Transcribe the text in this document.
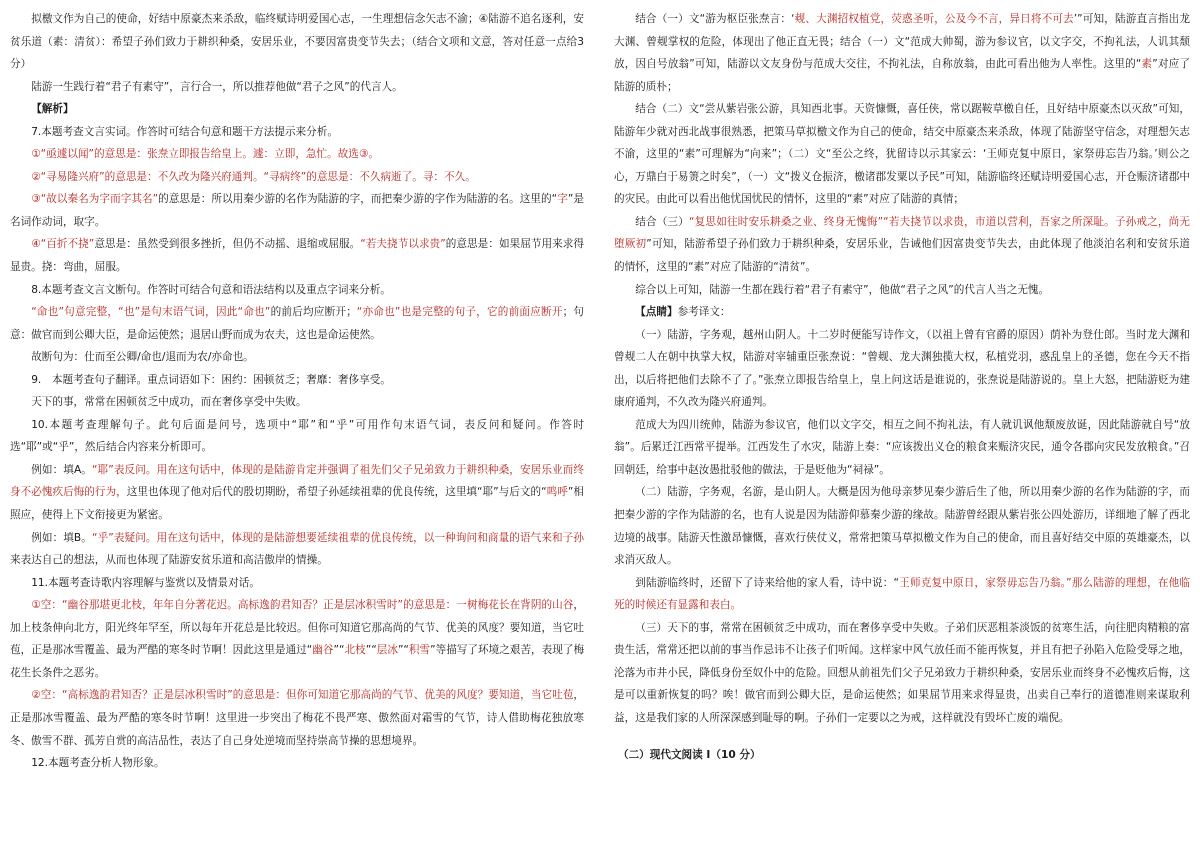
拟檄文作为自己的使命，好结中原豪杰来杀敌，临终赋诗明爱国心志，一生理想信念矢志不渝；④陆游不追名逐利，安贫乐道（素：清贫）：希望子孙们致力于耕织种桑，安居乐业，不要因富贵变节失去；（结合文项和文意，答对任意一点给3分）

陆游一生践行着“君子有素守”，言行合一，所以推荐他做“君子之风”的代言人。

【解析】

7.本题考查文言实词。作答时可结合句意和题干方法提示来分析。

①“亟遽以闻”的意思是：张焘立即报告给皇上。遽：立即，急忙。故选③。

②“寻易隆兴府”的意思是：不久改为隆兴府通判。“寻病终”的意思是：不久病逝了。寻：不久。

③“故以秦名为字而字其名”的意思是：所以用秦少游的名作为陆游的字，而把秦少游的字作为陆游的名。这里的“字”是名词作动词，取字。

④“百折不挠”意思是：虽然受到很多挫折，但仍不动摇、退缩或屈服。“若夫挠节以求贵”的意思是：如果屈节用来求得显贵。挠：弯曲，屈服。

8.本题考查文言文断句。作答时可结合句意和语法结构以及重点字词来分析。

“命也”句意完整，“也”是句末语气词，因此“命也”的前后均应断开；“亦命也”也是完整的句子，它的前面应断开；句意：做官而到公卿大臣，是命运使然；退居山野而成为农夫，这也是命运使然。

故断句为：仕而至公卿/命也/退而为农/亦命也。

9.　本题考查句子翻译。重点词语如下：困约：困顿贫乏；奢靡：奢侈享受。

天下的事，常常在困顿贫乏中成功，而在奢侈享受中失败。

10.本题考查理解句子。此句后面是问号，选项中“耶”和“乎”可用作句末语气词，表反问和疑问。作答时选“耶”或“乎”，然后结合内容来分析即可。

例如：填A。“耶”表反问。用在这句话中，体现的是陆游肯定并强调了祖先们父子兄弟致力于耕织种桑，安居乐业而终身不必愧疚后悔的行为，这里也体现了他对后代的殷切期盼，希望子孙延续祖辈的优良传统，这里填“耶”与后文的“鸣呼”相照应，使得上下文衔接更为紧密。

例如：填B。“乎”表疑问。用在这句话中，体现的是陆游想要延续祖辈的优良传统，以一种询问和商量的语气来和子孙来表达自己的想法，从而也体现了陆游安贫乐道和高洁傲岸的情操。

11.本题考查诗歌内容理解与鉴赏以及情景对话。

①空：“幽谷那堪更北枝，年年自分著花迟。高标逸韵君知否？正是层冰积雪时”的意思是：一树梅花长在背阴的山谷，加上枝条伸向北方，阳光终年罕至，所以每年开花总是比较迟。但你可知道它那高尚的气节、优美的风度？要知道，当它吐苞，正是那冰雪覆盖、最为严酷的寒冬时节啊！因此这里是通过“幽谷”“北枝”“层冰”“积雪”等描写了环境之艰苦，表现了梅花生长条件之恶劣。

②空：“高标逸韵君知否？正是层冰积雪时”的意思是：但你可知道它那高尚的气节、优美的风度？要知道，当它吐苞，正是那冰雪覆盖、最为严酷的寒冬时节啊！这里进一步突出了梅花不畏严寒、傲然面对霜雪的气节，诗人借助梅花独放寒冬、傲雪不群、孤芳自赏的高洁品性，表达了自己身处逆境而坚持崇高节操的思想境界。

12.本题考查分析人物形象。

结合（一）文“游为枢臣张焘言：‘觌、大渊招权植党，荧惑圣听，公及今不言，异日将不可去’”可知，陆游直言指出龙大渊、曾觌掌权的危险，体现出了他正直无畏；结合（一）文“范成大帅蜀，游为参议官，以文字交，不拘礼法，人讥其颓放，因自号放翁”可知，陆游以文友身份与范成大交往，不拘礼法，自称放翁，由此可看出他为人率性。这里的“素”对应了陆游的质朴；

结合（二）文“尝从紫岩张公游，具知西北事。天资慷慨，喜任侠，常以踞鞍草檄自任，且好结中原豪杰以灭敌”可知，陆游年少就对西北战事很熟悉，把策马草拟檄文作为自己的使命，结交中原豪杰来杀敌，体现了陆游坚守信念，对理想矢志不渝，这里的“素”可理解为“向来”；（二）文“至公之终，犹留诗以示其家云：‘王师克复中原日，家祭毋忘告乃翁。’则公之心，万鼎白于易箦之时矣”，（一）文“拨义仓振济，檄诸郡发粟以予民”可知，陆游临终还赋诗明爱国心志，开仓赈济诸郡中的灾民。由此可以看出他忧国忧民的情怀，这里的“素”对应了陆游的真情；

结合（三）“复思如往时安乐耕桑之业、终身无愧悔”“若夫挠节以求贵，市道以营利，吾家之所深耻。子孙戒之，尚无堕厥初”可知，陆游希望子孙们致力于耕织种桑，安居乐业，告诫他们因富贵变节失去，由此体现了他淡泊名利和安贫乐道的情怀，这里的“素”对应了陆游的“清贫”。

综合以上可知，陆游一生都在践行着“君子有素守”，他做“君子之风”的代言人当之无愧。

【点睛】参考译文：

（一）陆游，字务观，越州山阴人。十二岁时便能写诗作文，（以祖上曾有官爵的原因）荫补为登仕郎。当时龙大渊和曾觌二人在朝中执掌大权，陆游对宰辅重臣张焘说：“曾觌、龙大渊独揽大权，私植党羽，惑乱皇上的圣德，您在今天不指出，以后将把他们去除不了了。”张焘立即报告给皇上，皇上问这话是谁说的，张焘说是陆游说的。皇上大怒，把陆游贬为建康府通判，不久改为隆兴府通判。

范成大为四川统帅，陆游为参议官，他们以文字交，相互之间不拘礼法，有人就讥讽他颓废放诞，因此陆游就自号“放翁”。后累迁江西常平提举。江西发生了水灾，陆游上奏：“应该拨出义仓的粮食来赈济灾民，通令各郡向灾民发放粮食。”召回朝廷，给事中赵汝愚批驳他的做法，于是贬他为“祠禄”。

（二）陆游，字务观，名游，是山阴人。大概是因为他母亲梦见秦少游后生了他，所以用秦少游的名作为陆游的字，而把秦少游的字作为陆游的名，也有人说是因为陆游仰慕秦少游的缘故。陆游曾经跟从紫岩张公四处游历，详细地了解了西北边境的战事。陆游天性激昂慷慨，喜欢行侠仗义，常常把策马草拟檄文作为自己的使命，而且喜好结交中原的英雄豪杰，以求消灭敌人。

到陆游临终时，还留下了诗来给他的家人看，诗中说：“王师克复中原日，家祭毋忘告乃翁。”那么陆游的理想，在他临死的时候还有显露和表白。

（三）天下的事，常常在困顿贫乏中成功，而在奢侈享受中失败。子弟们厌恶粗茶淡饭的贫寒生活，向往肥肉精粮的富贵生活，常常还把以前的事当作忌讳不让孩子们听闻。这样家中风气放任而不能再恢复，并且有把子孙陷入危险受辱之地，沦落为市井小民，降低身份至奴仆中的危险。回想从前祖先们父子兄弟致力于耕织种桑，安居乐业而终身不必愧疚后悔，这是可以重新恢复的吗？唉！做官而到公卿大臣，是命运使然；如果屈节用来求得显贵，出卖自己奉行的道德准则来谋取利益，这是我们家的人所深深感到耻辱的啊。子孙们一定要以之为戒，这样就没有毁坏亡废的端倪。

（二）现代文阅读 I（10 分）
